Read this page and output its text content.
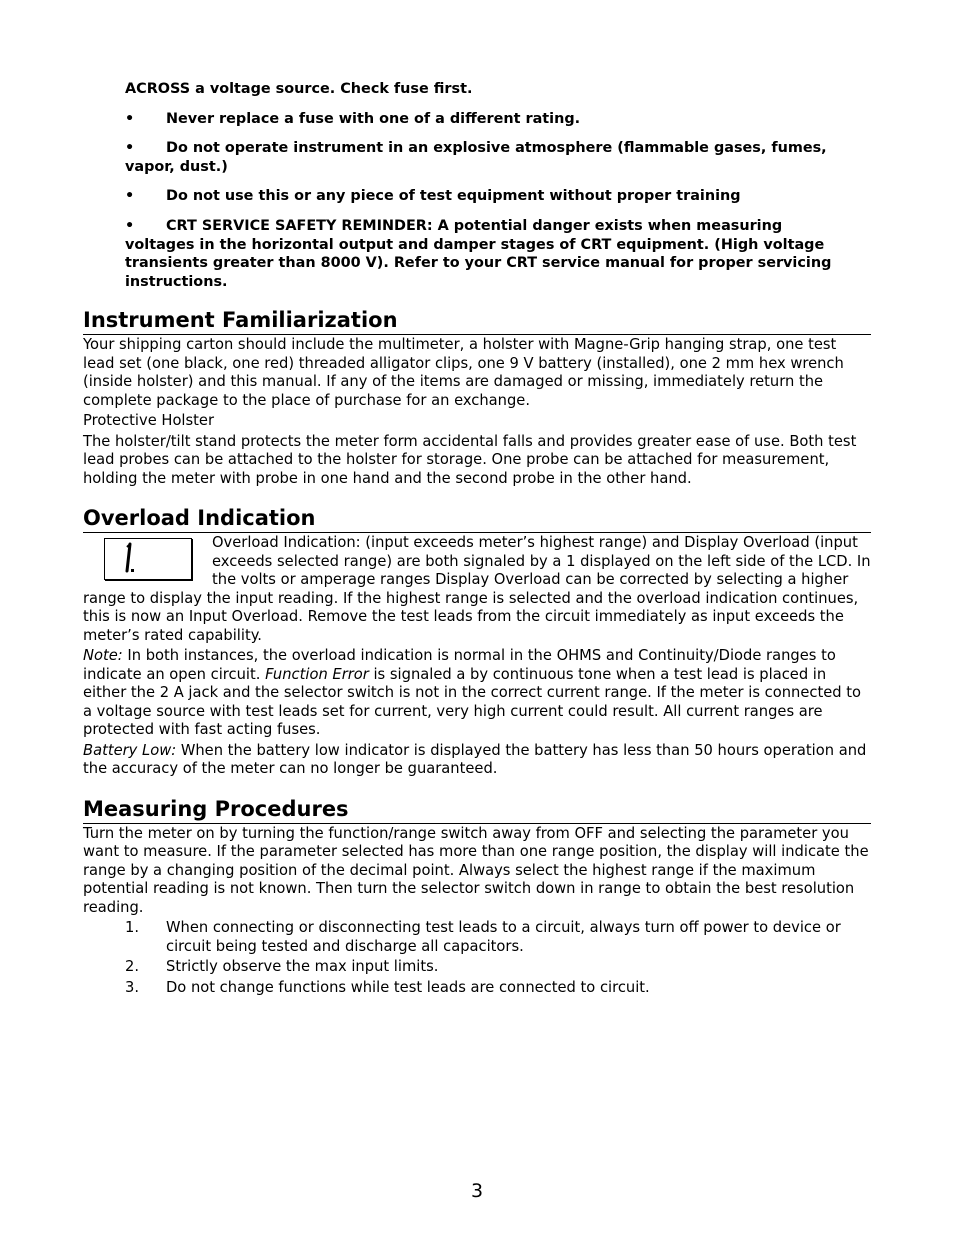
ACROSS a voltage source. Check fuse first.

• Never replace a fuse with one of a different rating.

• Do not operate instrument in an explosive atmosphere (flammable gases, fumes, vapor, dust.)

• Do not use this or any piece of test equipment without proper training

• CRT SERVICE SAFETY REMINDER: A potential danger exists when measuring voltages in the horizontal output and damper stages of CRT equipment. (High voltage transients greater than 8000 V). Refer to your CRT service manual for proper servicing instructions.

Instrument Familiarization

Your shipping carton should include the multimeter, a holster with Magne-Grip hanging strap, one test lead set (one black, one red) threaded alligator clips, one 9 V battery (installed), one 2 mm hex wrench (inside holster) and this manual. If any of the items are damaged or missing, immediately return the complete package to the place of purchase for an exchange.

Protective Holster

The holster/tilt stand protects the meter form accidental falls and provides greater ease of use. Both test lead probes can be attached to the holster for storage. One probe can be attached for measurement, holding the meter with probe in one hand and the second probe in the other hand.

Overload Indication

Overload Indication: (input exceeds meter’s highest range) and Display Overload (input exceeds selected range) are both signaled by a 1 displayed on the left side of the LCD. In the volts or amperage ranges Display Overload can be corrected by selecting a higher range to display the input reading. If the highest range is selected and the overload indication continues, this is now an Input Overload. Remove the test leads from the circuit immediately as input exceeds the meter’s rated capability.

Note: In both instances, the overload indication is normal in the OHMS and Continuity/Diode ranges to indicate an open circuit. Function Error is signaled a by continuous tone when a test lead is placed in either the 2 A jack and the selector switch is not in the correct current range. If the meter is connected to a voltage source with test leads set for current, very high current could result. All current ranges are protected with fast acting fuses.

Battery Low: When the battery low indicator is displayed the battery has less than 50 hours operation and the accuracy of the meter can no longer be guaranteed.

Measuring Procedures

Turn the meter on by turning the function/range switch away from OFF and selecting the parameter you want to measure. If the parameter selected has more than one range position, the display will indicate the range by a changing position of the decimal point. Always select the highest range if the maximum potential reading is not known. Then turn the selector switch down in range to obtain the best resolution reading.

1. When connecting or disconnecting test leads to a circuit, always turn off power to device or circuit being tested and discharge all capacitors.
2. Strictly observe the max input limits.
3. Do not change functions while test leads are connected to circuit.
3
